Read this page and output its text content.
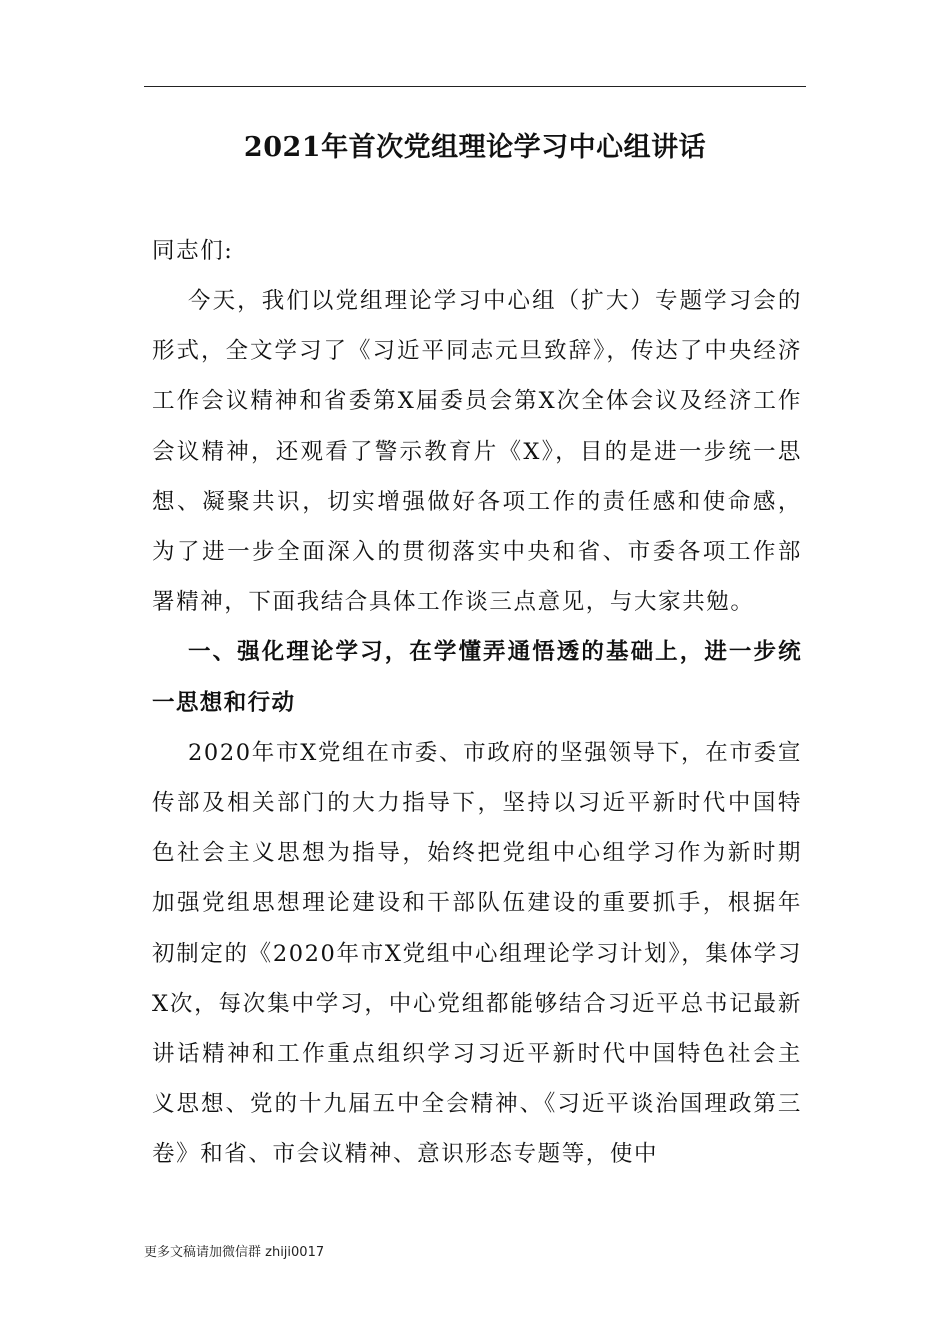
2021年首次党组理论学习中心组讲话
同志们:

今天，我们以党组理论学习中心组（扩大）专题学习会的形式，全文学习了《习近平同志元旦致辞》，传达了中央经济工作会议精神和省委第X届委员会第X次全体会议及经济工作会议精神，还观看了警示教育片《X》，目的是进一步统一思想、凝聚共识，切实增强做好各项工作的责任感和使命感，为了进一步全面深入的贯彻落实中央和省、市委各项工作部署精神，下面我结合具体工作谈三点意见，与大家共勉。

一、强化理论学习，在学懂弄通悟透的基础上，进一步统一思想和行动

2020年市X党组在市委、市政府的坚强领导下，在市委宣传部及相关部门的大力指导下，坚持以习近平新时代中国特色社会主义思想为指导，始终把党组中心组学习作为新时期加强党组思想理论建设和干部队伍建设的重要抓手，根据年初制定的《2020年市X党组中心组理论学习计划》，集体学习X次，每次集中学习，中心党组都能够结合习近平总书记最新讲话精神和工作重点组织学习习近平新时代中国特色社会主义思想、党的十九届五中全会精神、《习近平谈治国理政第三卷》和省、市会议精神、意识形态专题等，使中

更多文稿请加微信群 zhiji0017
